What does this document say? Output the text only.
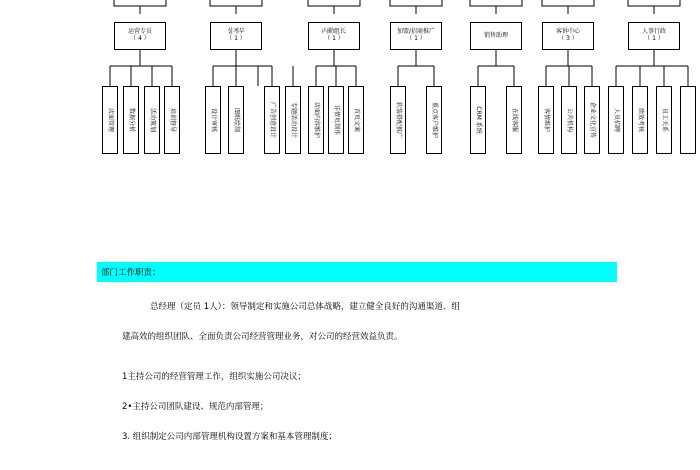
运营专员
（ 4 ）
설계부
（ 1 ）
内勤组长
（ 1 ）
加盟/招商推广
（ 1 ）	销售助理	客诉中心
（ 3 ）
人事行政
（ 1 ）
店面管理 数据分析 活动策划 培训督导	设计审核	图纸绘制	广告创意设计 专题活动设计	店面内容维护 详情页制作 首页文案	软装搭配推广	重点客户维护	CRM 系统	在线客服	客情维护	公共机构	企业文化宣传	人员招聘	绩效考核	员工关系
部门工作职责：
总经理（定员 1人）：领导制定和实施公司总体战略，建立健全良好的沟通渠道、组
建高效的组织团队、全面负责公司经营管理业务，对公司的经营效益负责。
1主持公司的经营管理工作，组织实施公司决议；
2•主持公司团队建设、规范内部管理；
3. 组织制定公司内部管理机构设置方案和基本管理制度；
